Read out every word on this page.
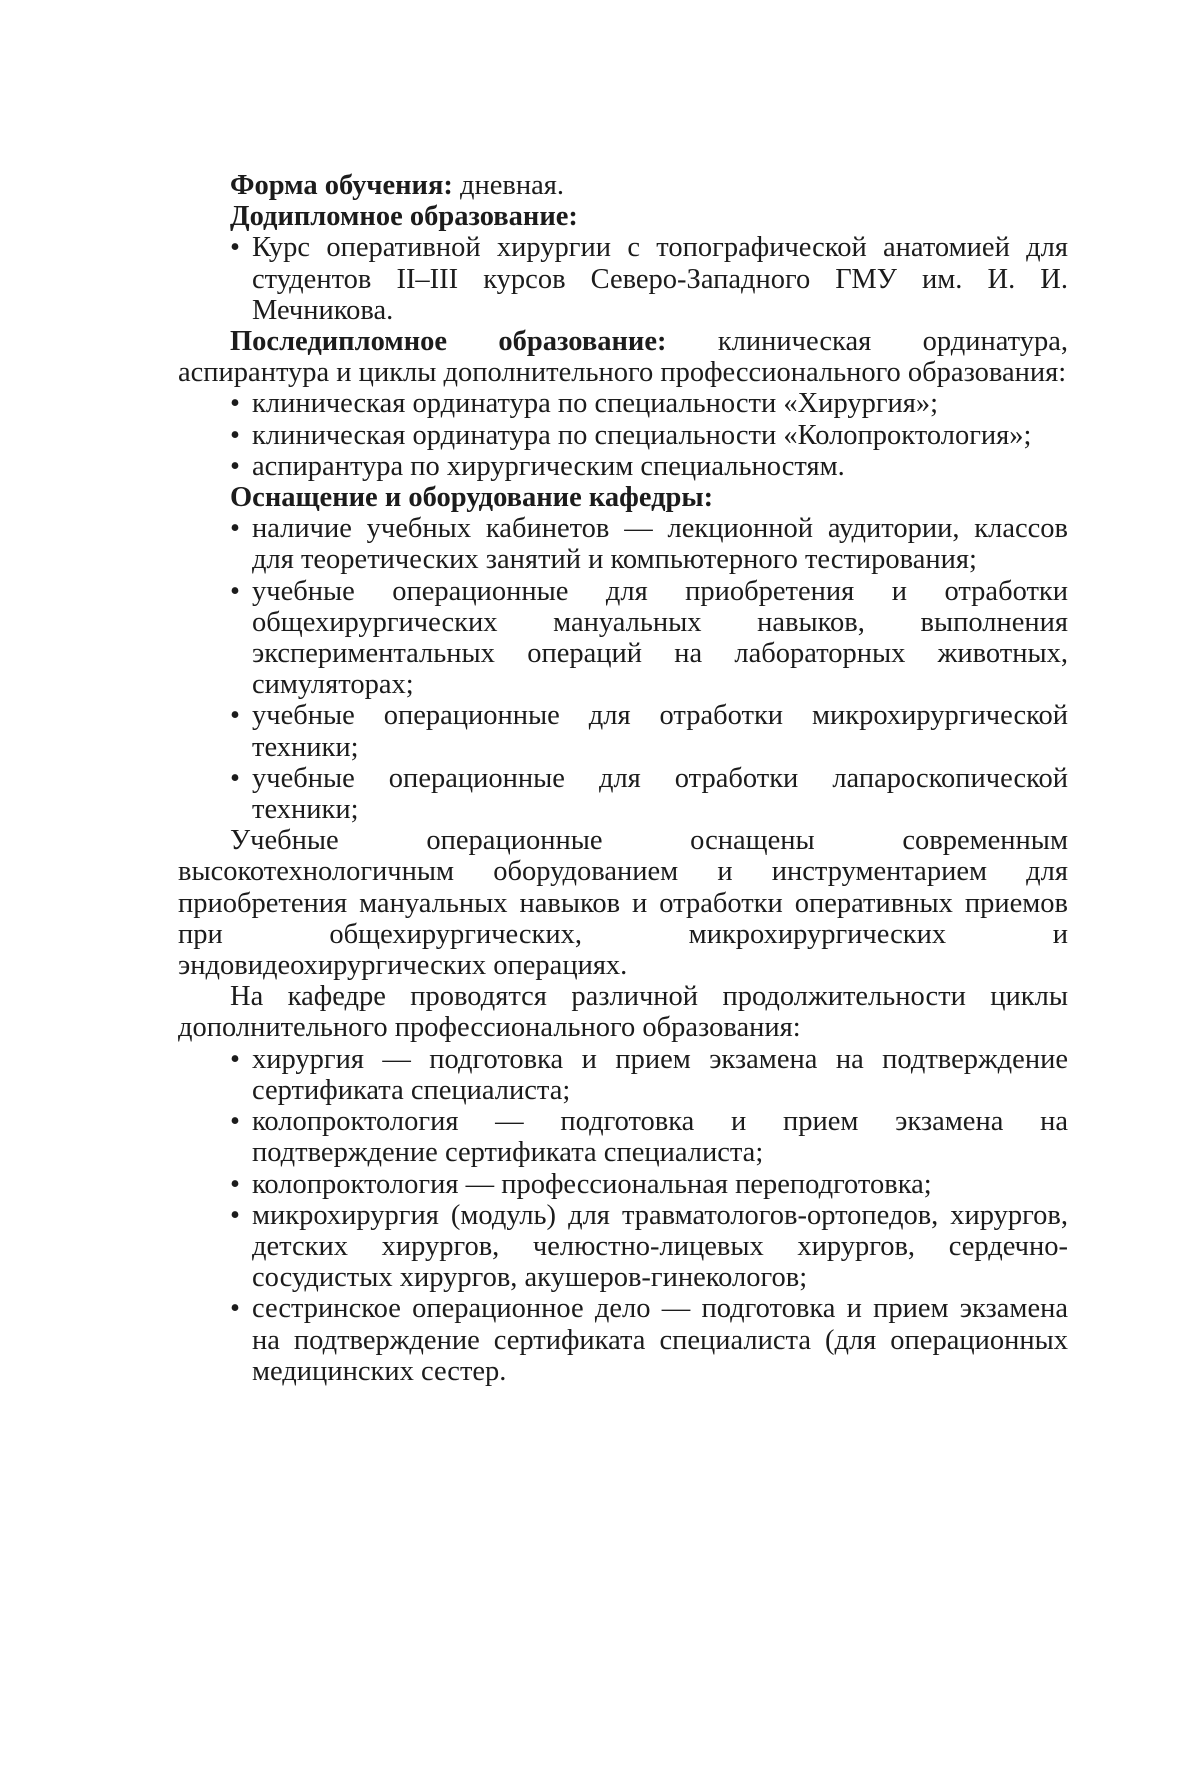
Форма обучения: дневная.

Додипломное образование:

• Курс оперативной хирургии с топографической анатомией для студентов II–III курсов Северо-Западного ГМУ им. И. И. Мечникова.

Последипломное образование: клиническая ординатура, аспирантура и циклы дополнительного профессионального образования:

• клиническая ординатура по специальности «Хирургия»;
• клиническая ординатура по специальности «Колопроктология»;
• аспирантура по хирургическим специальностям.

Оснащение и оборудование кафедры:

• наличие учебных кабинетов — лекционной аудитории, классов для теоретических занятий и компьютерного тестирования;
• учебные операционные для приобретения и отработки общехирургических мануальных навыков, выполнения экспериментальных операций на лабораторных животных, симуляторах;
• учебные операционные для отработки микрохирургической техники;
• учебные операционные для отработки лапароскопической техники;

Учебные операционные оснащены современным высокотехнологичным оборудованием и инструментарием для приобретения мануальных навыков и отработки оперативных приемов при общехирургических, микрохирургических и эндовидеохирургических операциях.

На кафедре проводятся различной продолжительности циклы дополнительного профессионального образования:

• хирургия — подготовка и прием экзамена на подтверждение сертификата специалиста;
• колопроктология — подготовка и прием экзамена на подтверждение сертификата специалиста;
• колопроктология — профессиональная переподготовка;
• микрохирургия (модуль) для травматологов-ортопедов, хирургов, детских хирургов, челюстно-лицевых хирургов, сердечно-сосудистых хирургов, акушеров-гинекологов;
• сестринское операционное дело — подготовка и прием экзамена на подтверждение сертификата специалиста (для операционных медицинских сестер.
